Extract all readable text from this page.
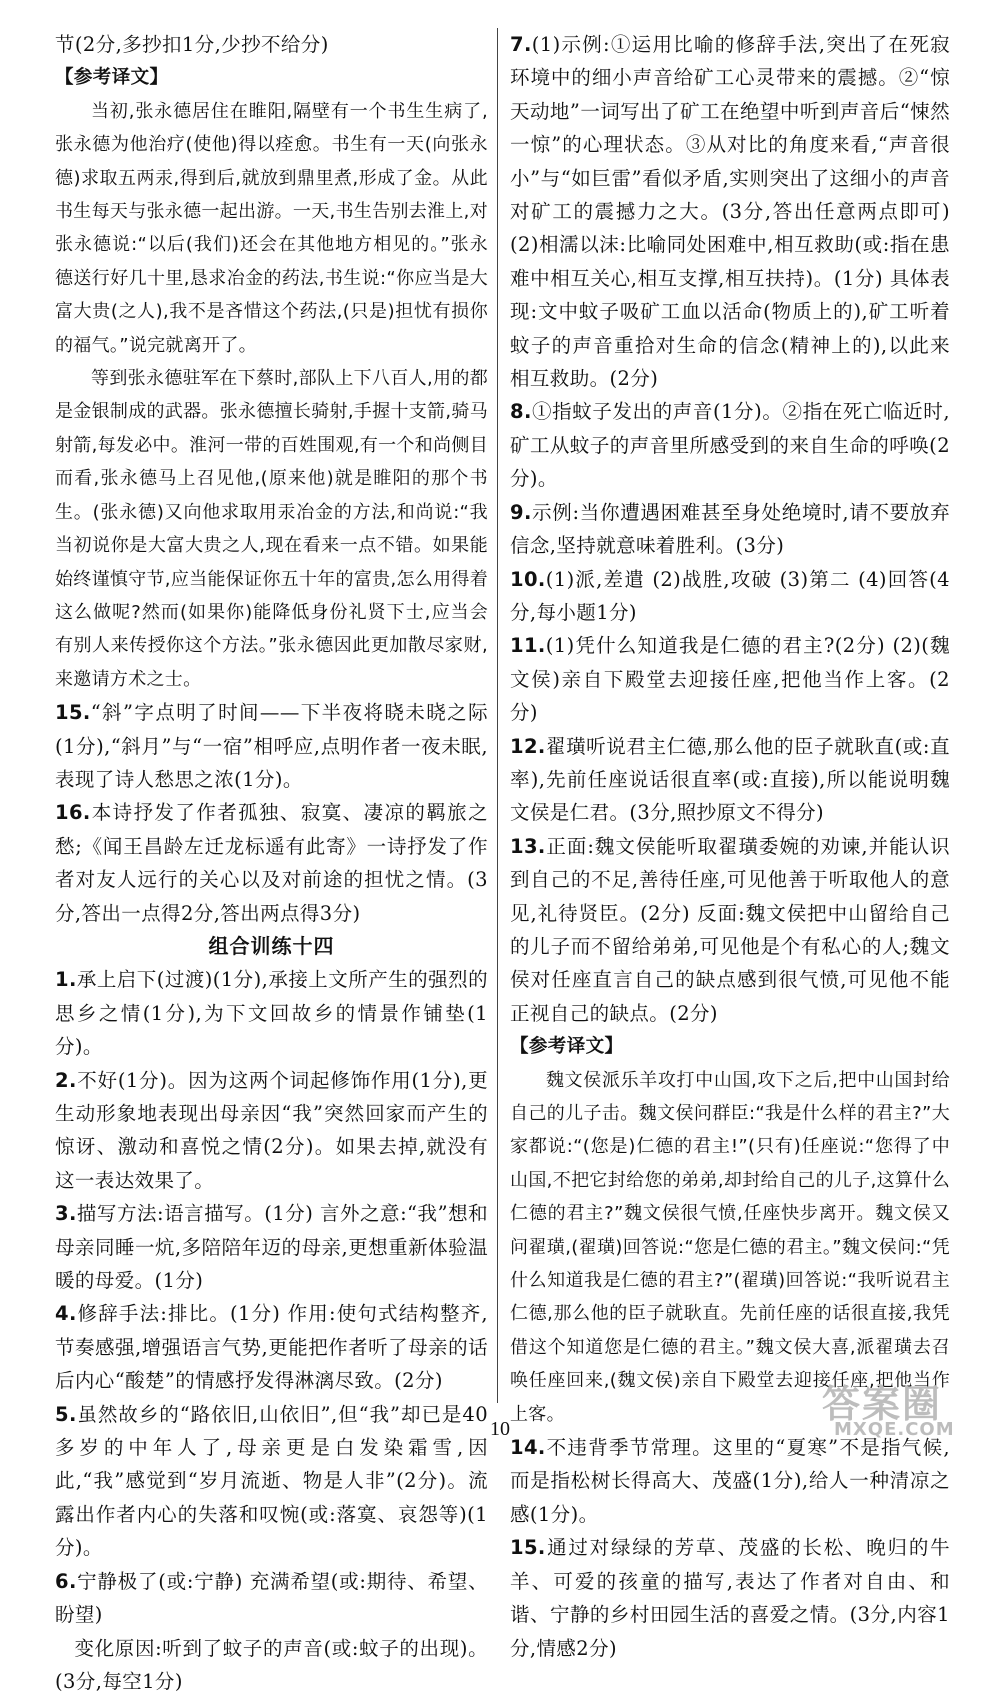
节(2分,多抄扣1分,少抄不给分)

【参考译文】

当初,张永德居住在睢阳,隔壁有一个书生生病了,张永德为他治疗(使他)得以痊愈。书生有一天(向张永德)求取五两汞,得到后,就放到鼎里煮,形成了金。从此书生每天与张永德一起出游。一天,书生告别去淮上,对张永德说:“以后(我们)还会在其他地方相见的。”张永德送行好几十里,恳求冶金的药法,书生说:“你应当是大富大贵(之人),我不是吝惜这个药法,(只是)担忧有损你的福气。”说完就离开了。

等到张永德驻军在下蔡时,部队上下八百人,用的都是金银制成的武器。张永德擅长骑射,手握十支箭,骑马射箭,每发必中。淮河一带的百姓围观,有一个和尚侧目而看,张永德马上召见他,(原来他)就是睢阳的那个书生。(张永德)又向他求取用汞冶金的方法,和尚说:“我当初说你是大富大贵之人,现在看来一点不错。如果能始终谨慎守节,应当能保证你五十年的富贵,怎么用得着这么做呢?然而(如果你)能降低身份礼贤下士,应当会有别人来传授你这个方法。”张永德因此更加散尽家财,来邀请方术之士。

15.“斜”字点明了时间——下半夜将晓未晓之际(1分),“斜月”与“一宿”相呼应,点明作者一夜未眠,表现了诗人愁思之浓(1分)。

16.本诗抒发了作者孤独、寂寞、凄凉的羁旅之愁;《闻王昌龄左迁龙标遥有此寄》一诗抒发了作者对友人远行的关心以及对前途的担忧之情。(3分,答出一点得2分,答出两点得3分)

组合训练十四

1.承上启下(过渡)(1分),承接上文所产生的强烈的思乡之情(1分),为下文回故乡的情景作铺垫(1分)。

2.不好(1分)。因为这两个词起修饰作用(1分),更生动形象地表现出母亲因“我”突然回家而产生的惊讶、激动和喜悦之情(2分)。如果去掉,就没有这一表达效果了。

3.描写方法:语言描写。(1分) 言外之意:“我”想和母亲同睡一炕,多陪陪年迈的母亲,更想重新体验温暖的母爱。(1分)

4.修辞手法:排比。(1分) 作用:使句式结构整齐,节奏感强,增强语言气势,更能把作者听了母亲的话后内心“酸楚”的情感抒发得淋漓尽致。(2分)

5.虽然故乡的“路依旧,山依旧”,但“我”却已是40多岁的中年人了,母亲更是白发染霜雪,因此,“我”感觉到“岁月流逝、物是人非”(2分)。流露出作者内心的失落和叹惋(或:落寞、哀怨等)(1分)。

6.宁静极了(或:宁静) 充满希望(或:期待、希望、盼望)

变化原因:听到了蚊子的声音(或:蚊子的出现)。(3分,每空1分)

7.(1)示例:①运用比喻的修辞手法,突出了在死寂环境中的细小声音给矿工心灵带来的震撼。②“惊天动地”一词写出了矿工在绝望中听到声音后“悚然一惊”的心理状态。③从对比的角度来看,“声音很小”与“如巨雷”看似矛盾,实则突出了这细小的声音对矿工的震撼力之大。(3分,答出任意两点即可) (2)相濡以沫:比喻同处困难中,相互救助(或:指在患难中相互关心,相互支撑,相互扶持)。(1分) 具体表现:文中蚊子吸矿工血以活命(物质上的),矿工听着蚊子的声音重拾对生命的信念(精神上的),以此来相互救助。(2分)

8.①指蚊子发出的声音(1分)。②指在死亡临近时,矿工从蚊子的声音里所感受到的来自生命的呼唤(2分)。

9.示例:当你遭遇困难甚至身处绝境时,请不要放弃信念,坚持就意味着胜利。(3分)

10.(1)派,差遣 (2)战胜,攻破 (3)第二 (4)回答(4分,每小题1分)

11.(1)凭什么知道我是仁德的君主?(2分) (2)(魏文侯)亲自下殿堂去迎接任座,把他当作上客。(2分)

12.翟璜听说君主仁德,那么他的臣子就耿直(或:直率),先前任座说话很直率(或:直接),所以能说明魏文侯是仁君。(3分,照抄原文不得分)

13.正面:魏文侯能听取翟璜委婉的劝谏,并能认识到自己的不足,善待任座,可见他善于听取他人的意见,礼待贤臣。(2分) 反面:魏文侯把中山留给自己的儿子而不留给弟弟,可见他是个有私心的人;魏文侯对任座直言自己的缺点感到很气愤,可见他不能正视自己的缺点。(2分)

【参考译文】

魏文侯派乐羊攻打中山国,攻下之后,把中山国封给自己的儿子击。魏文侯问群臣:“我是什么样的君主?”大家都说:“(您是)仁德的君主!”(只有)任座说:“您得了中山国,不把它封给您的弟弟,却封给自己的儿子,这算什么仁德的君主?”魏文侯很气愤,任座快步离开。魏文侯又问翟璜,(翟璜)回答说:“您是仁德的君主。”魏文侯问:“凭什么知道我是仁德的君主?”(翟璜)回答说:“我听说君主仁德,那么他的臣子就耿直。先前任座的话很直接,我凭借这个知道您是仁德的君主。”魏文侯大喜,派翟璜去召唤任座回来,(魏文侯)亲自下殿堂去迎接任座,把他当作上客。

14.不违背季节常理。这里的“夏寒”不是指气候,而是指松树长得高大、茂盛(1分),给人一种清凉之感(1分)。

15.通过对绿绿的芳草、茂盛的长松、晚归的牛羊、可爱的孩童的描写,表达了作者对自由、和谐、宁静的乡村田园生活的喜爱之情。(3分,内容1分,情感2分)

10
答案圈
MXQE.COM
